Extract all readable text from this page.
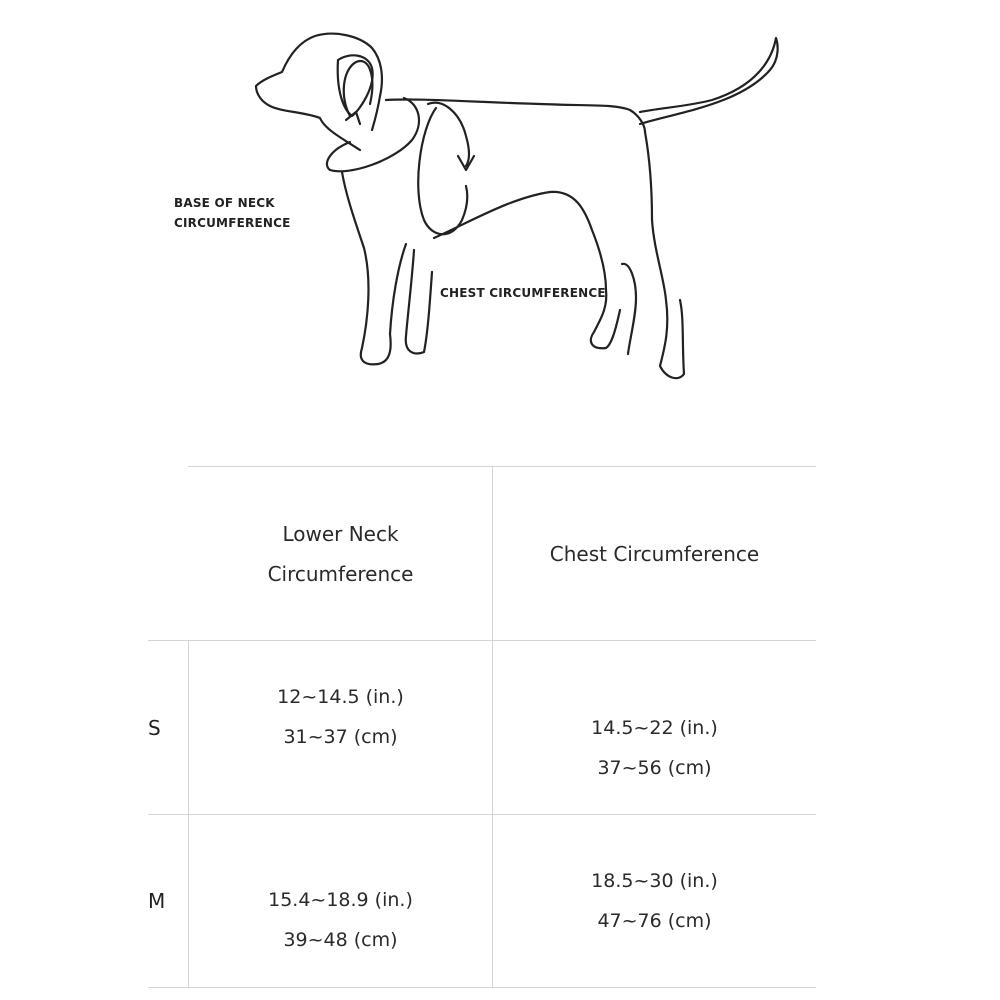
BASE OF NECK
CIRCUMFERENCE
CHEST CIRCUMFERENCE
Lower Neck
Circumference
Chest Circumference
S
12~14.5 (in.)
31~37 (cm)	14.5~22 (in.)
37~56 (cm)
M	15.4~18.9 (in.)
39~48 (cm)
18.5~30 (in.)
47~76 (cm)
